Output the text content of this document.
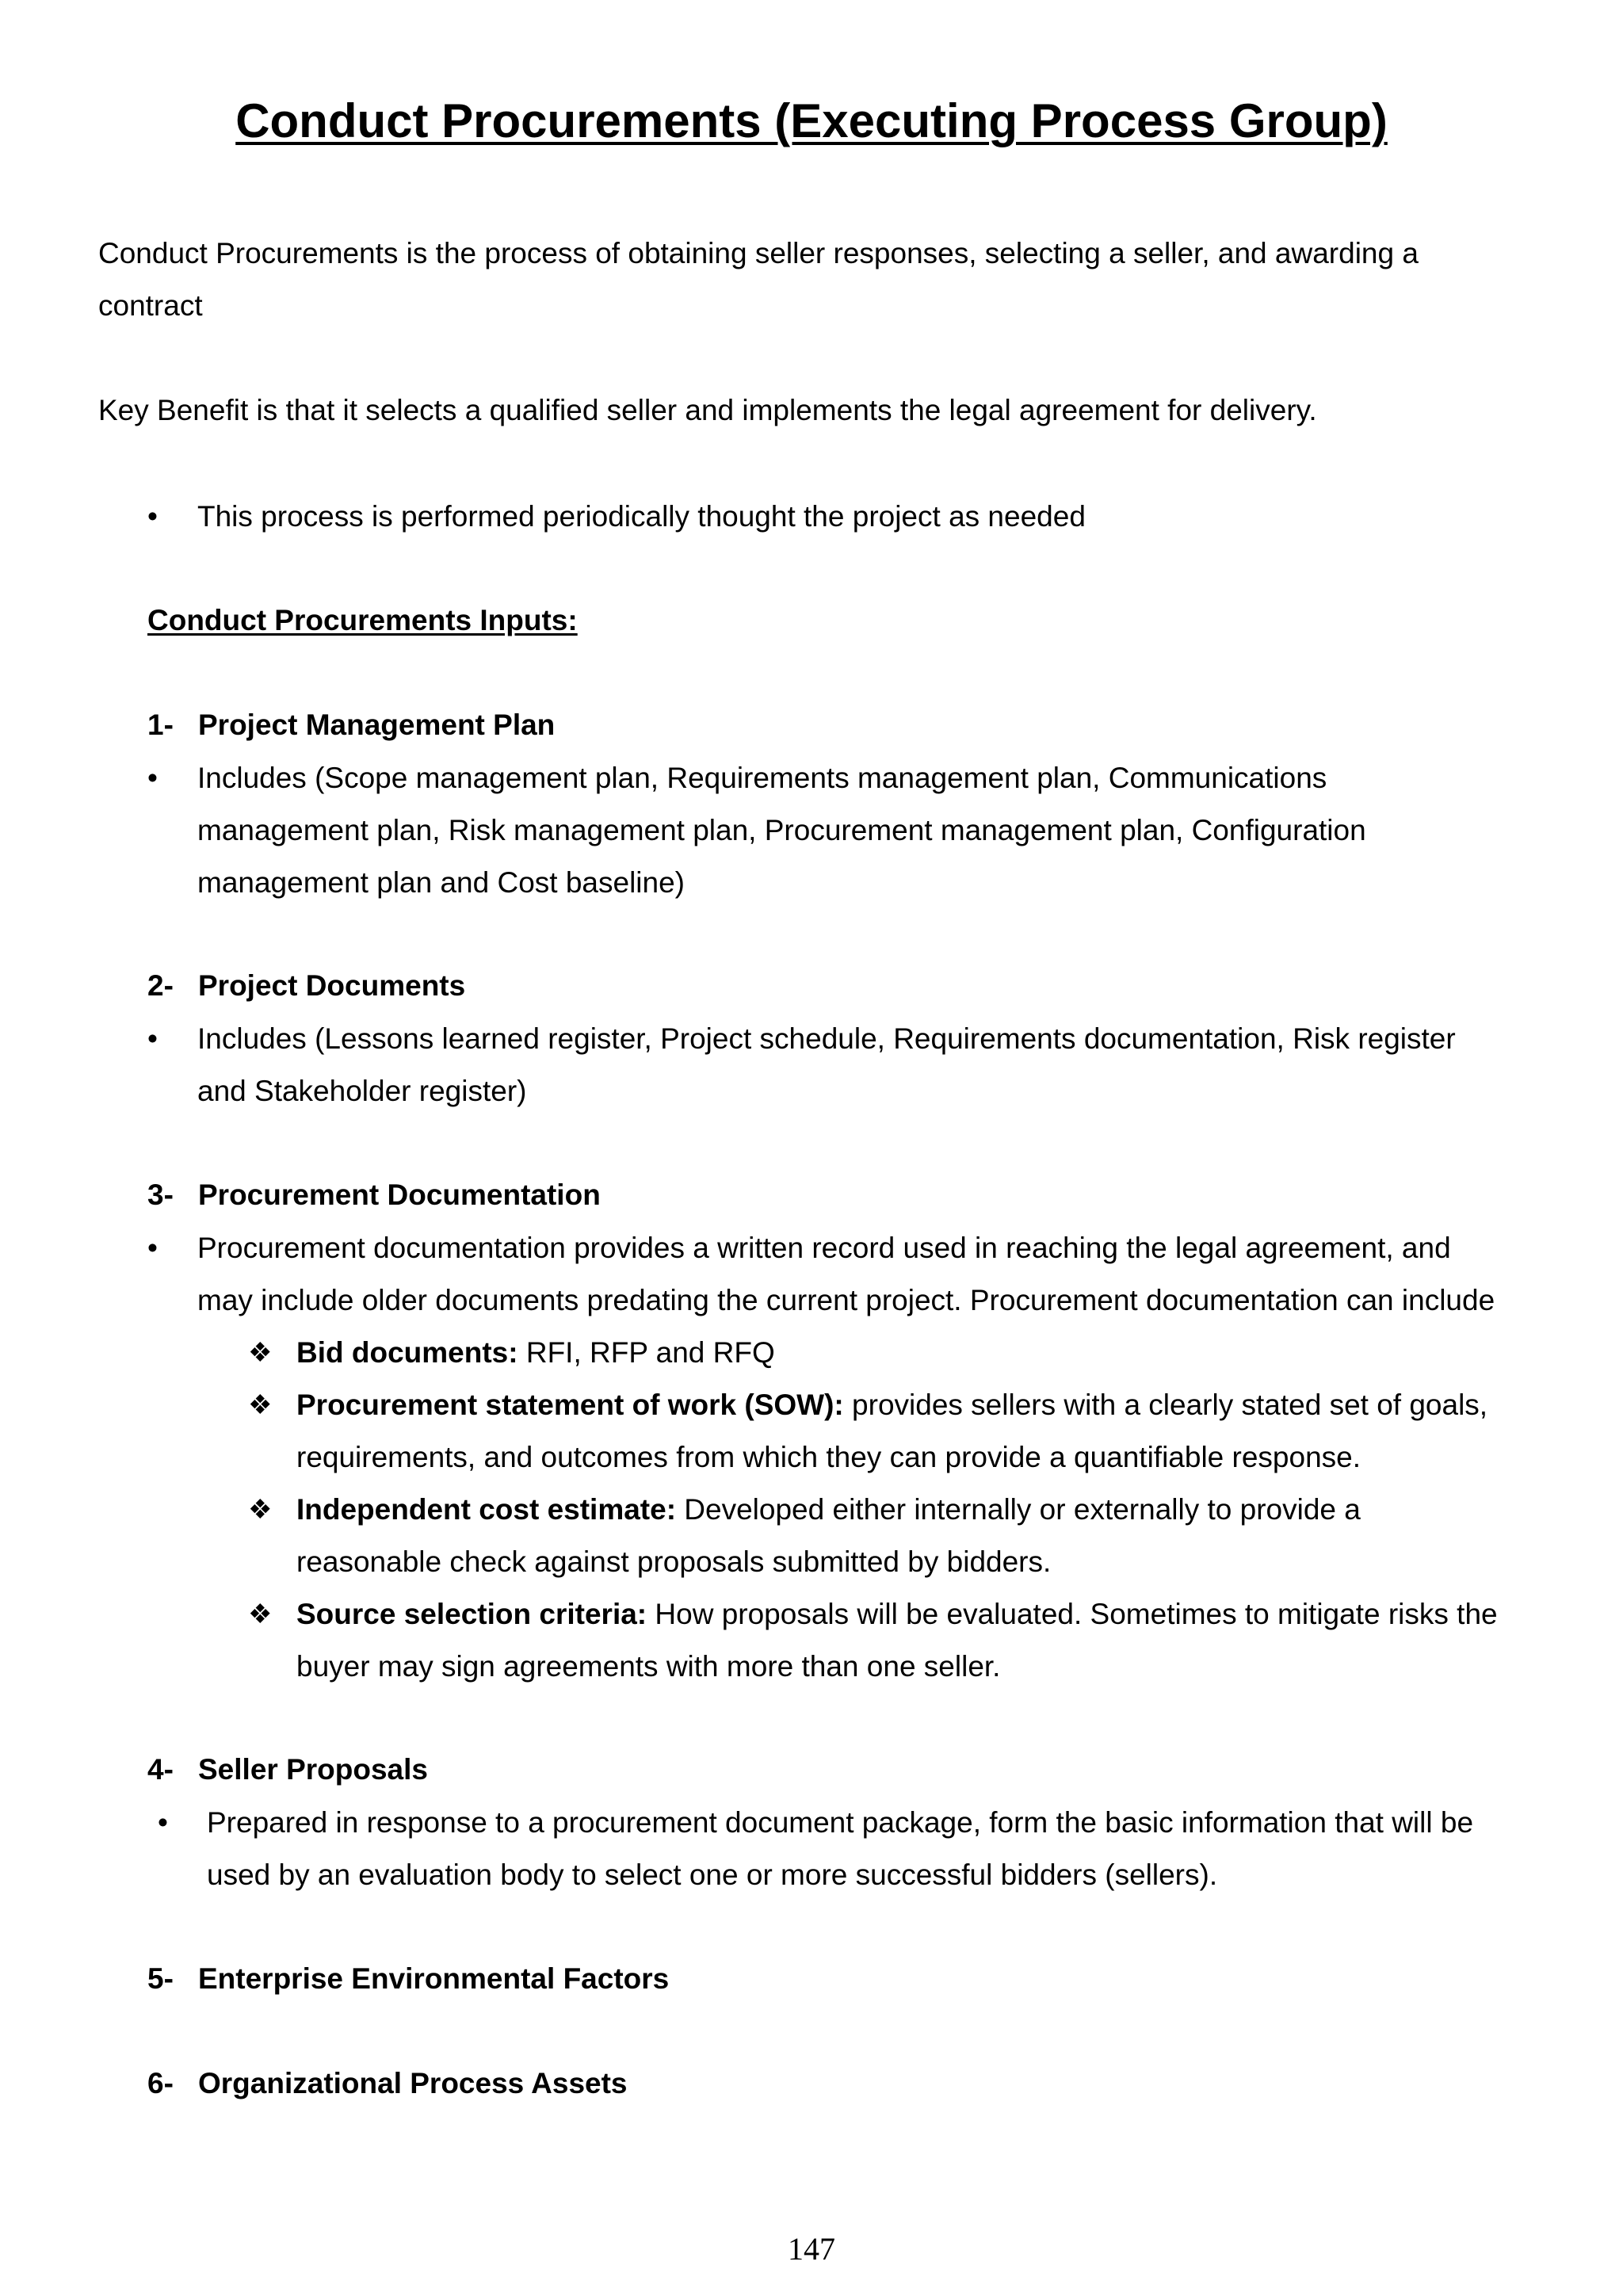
Conduct Procurements (Executing Process Group)
Conduct Procurements is the process of obtaining seller responses, selecting a seller, and awarding a
contract
Key Benefit is that it selects a qualified seller and implements the legal agreement for delivery.
• This process is performed periodically thought the project as needed
Conduct Procurements Inputs:
1- Project Management Plan
• Includes (Scope management plan, Requirements management plan, Communications
management plan, Risk management plan, Procurement management plan, Configuration
management plan and Cost baseline)
2- Project Documents
• Includes (Lessons learned register, Project schedule, Requirements documentation, Risk register
and Stakeholder register)
3- Procurement Documentation
• Procurement documentation provides a written record used in reaching the legal agreement, and
may include older documents predating the current project. Procurement documentation can include
❖ Bid documents: RFI, RFP and RFQ
❖ Procurement statement of work (SOW): provides sellers with a clearly stated set of goals,
requirements, and outcomes from which they can provide a quantifiable response.
❖ Independent cost estimate: Developed either internally or externally to provide a
reasonable check against proposals submitted by bidders.
❖ Source selection criteria: How proposals will be evaluated. Sometimes to mitigate risks the
buyer may sign agreements with more than one seller.
4- Seller Proposals
• Prepared in response to a procurement document package, form the basic information that will be
used by an evaluation body to select one or more successful bidders (sellers).
5- Enterprise Environmental Factors
6- Organizational Process Assets
147
